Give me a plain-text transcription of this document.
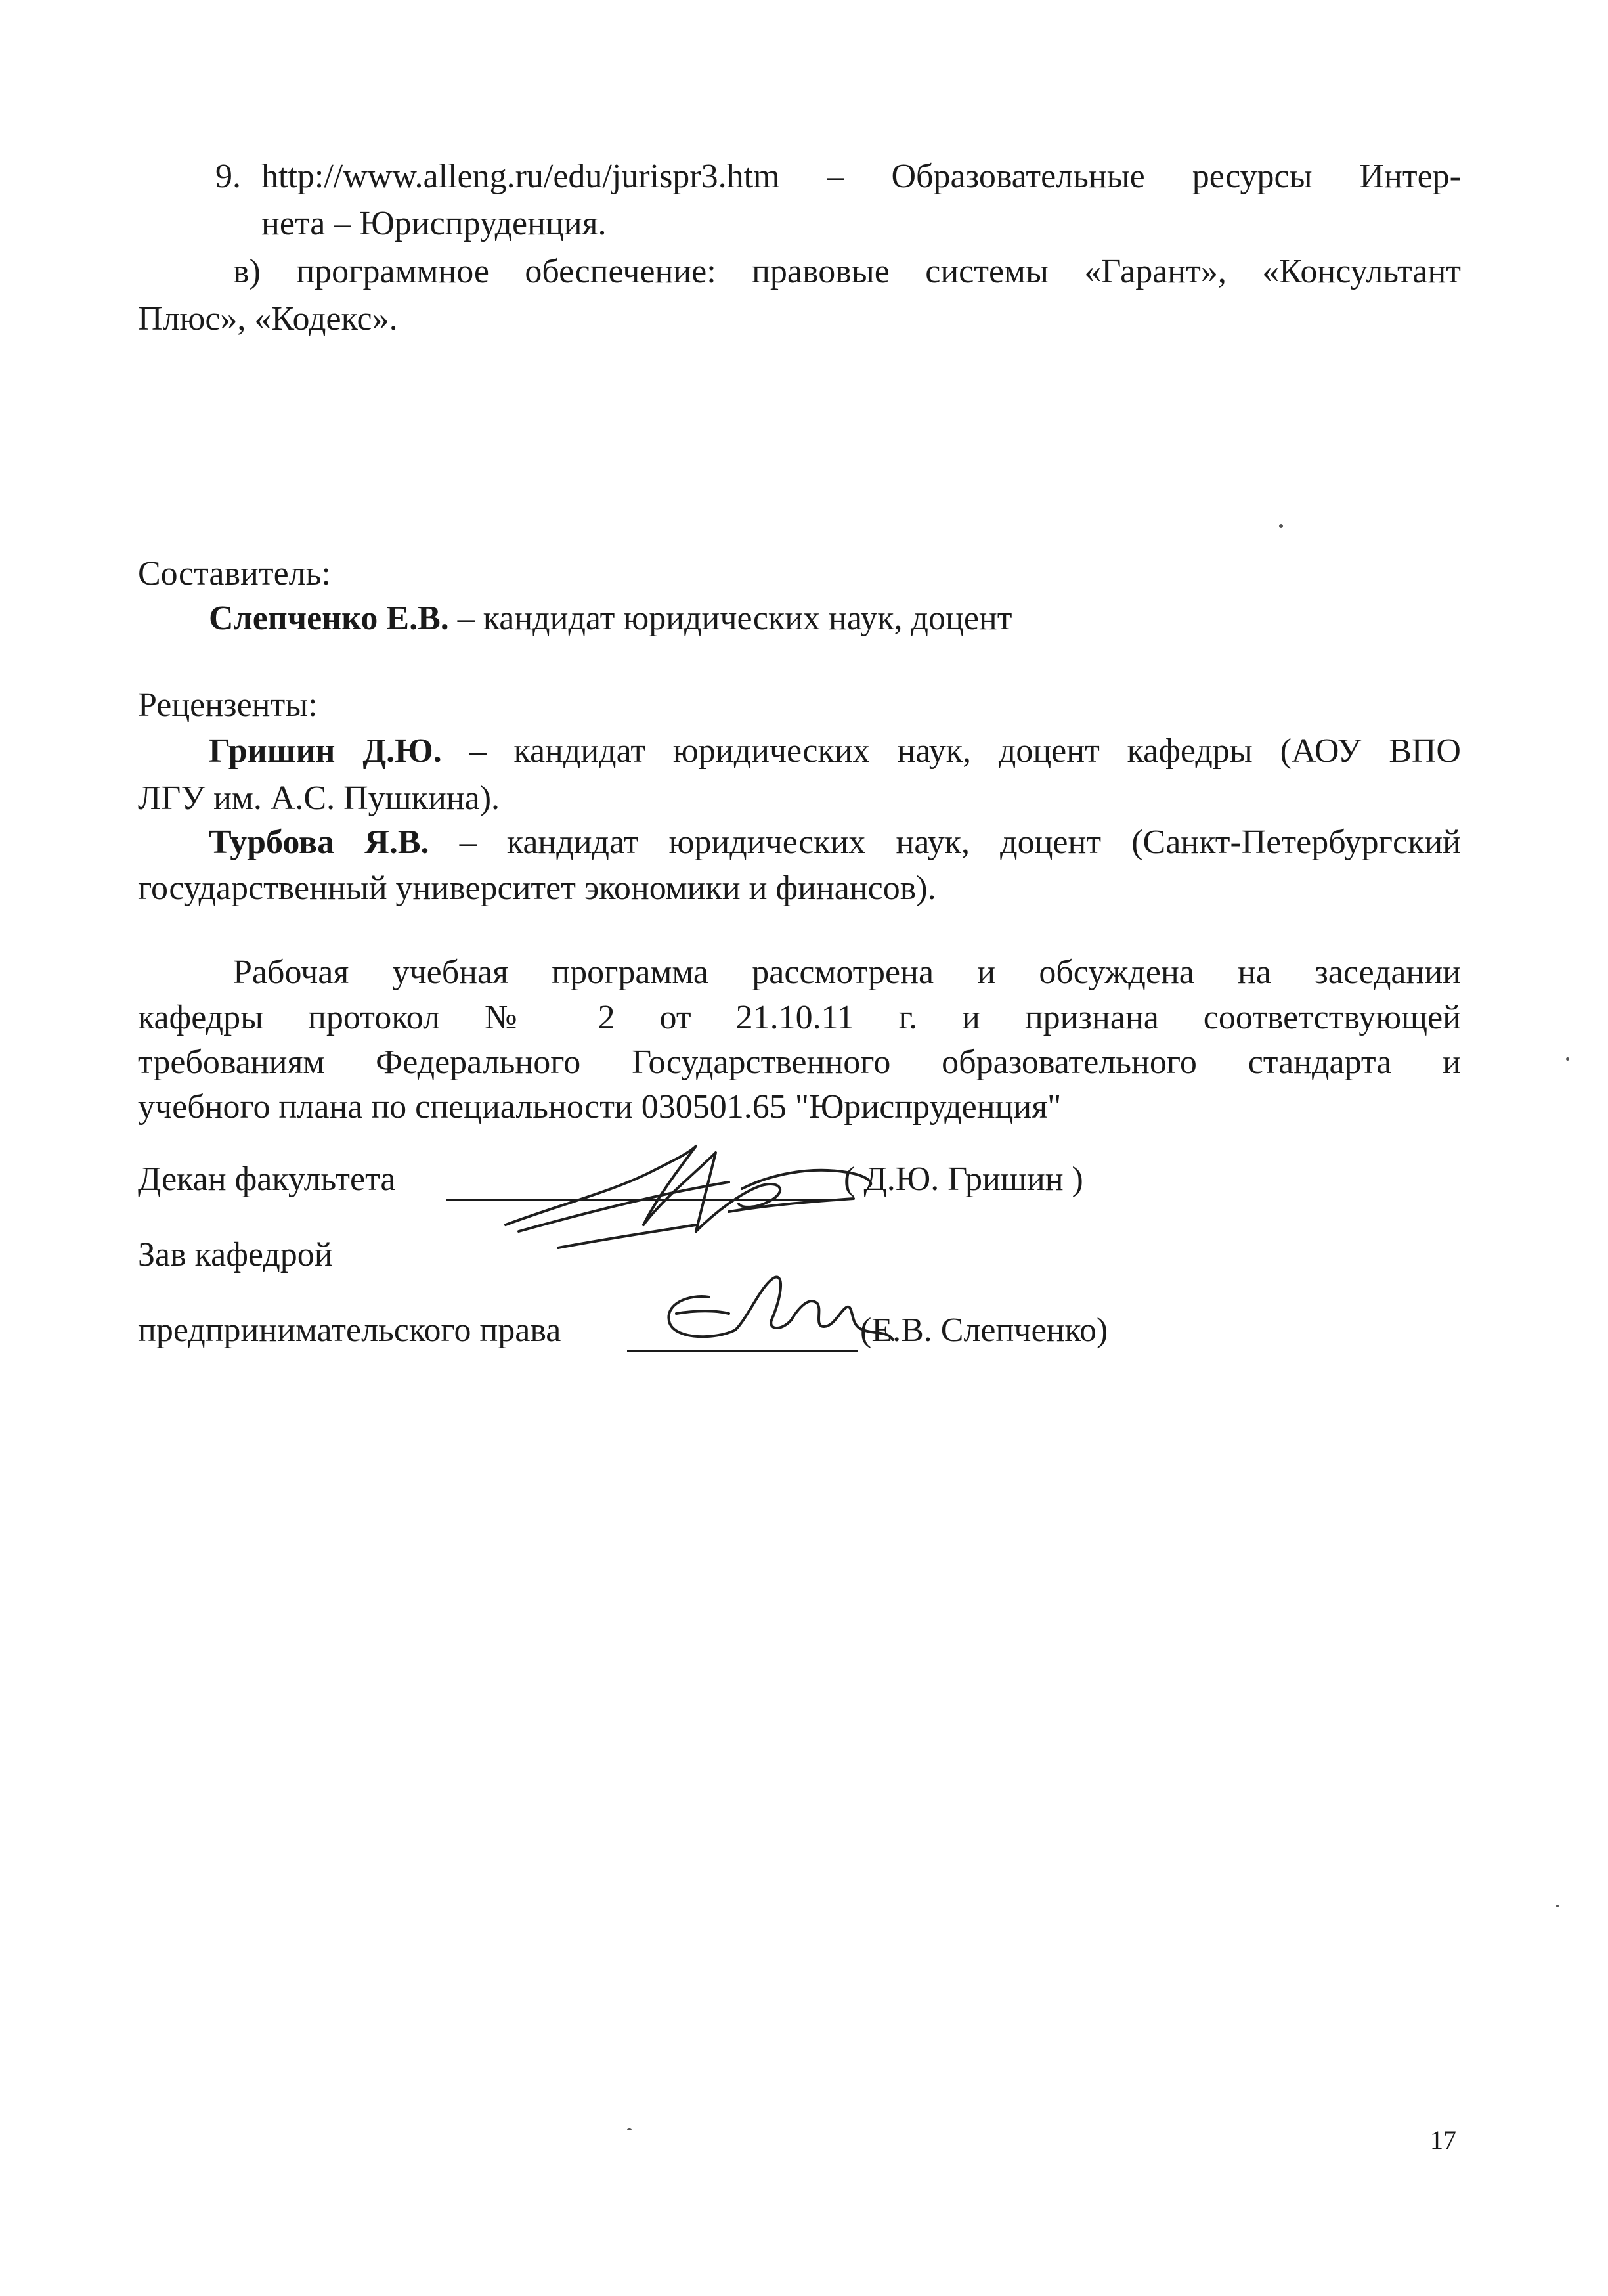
9. http://www.alleng.ru/edu/jurispr3.htm – Образовательные ресурсы Интер-
нета – Юриспруденция.
в) программное обеспечение: правовые системы «Гарант», «Консультант
Плюс», «Кодекс».
Составитель:
Слепченко Е.В. – кандидат юридических наук, доцент
Рецензенты:
Гришин Д.Ю. – кандидат юридических наук, доцент кафедры (АОУ ВПО
ЛГУ им. А.С. Пушкина).
Турбова Я.В. – кандидат юридических наук, доцент (Санкт-Петербургский
государственный университет экономики и финансов).
Рабочая учебная программа рассмотрена и обсуждена на заседании
кафедры протокол № 2 от 21.10.11 г. и признана соответствующей
требованиям Федерального Государственного образовательного стандарта и
учебного плана по специальности 030501.65 "Юриспруденция"
Декан факультета	( Д.Ю. Гришин )
Зав кафедрой
предпринимательского права	(Е.В. Слепченко)
17
